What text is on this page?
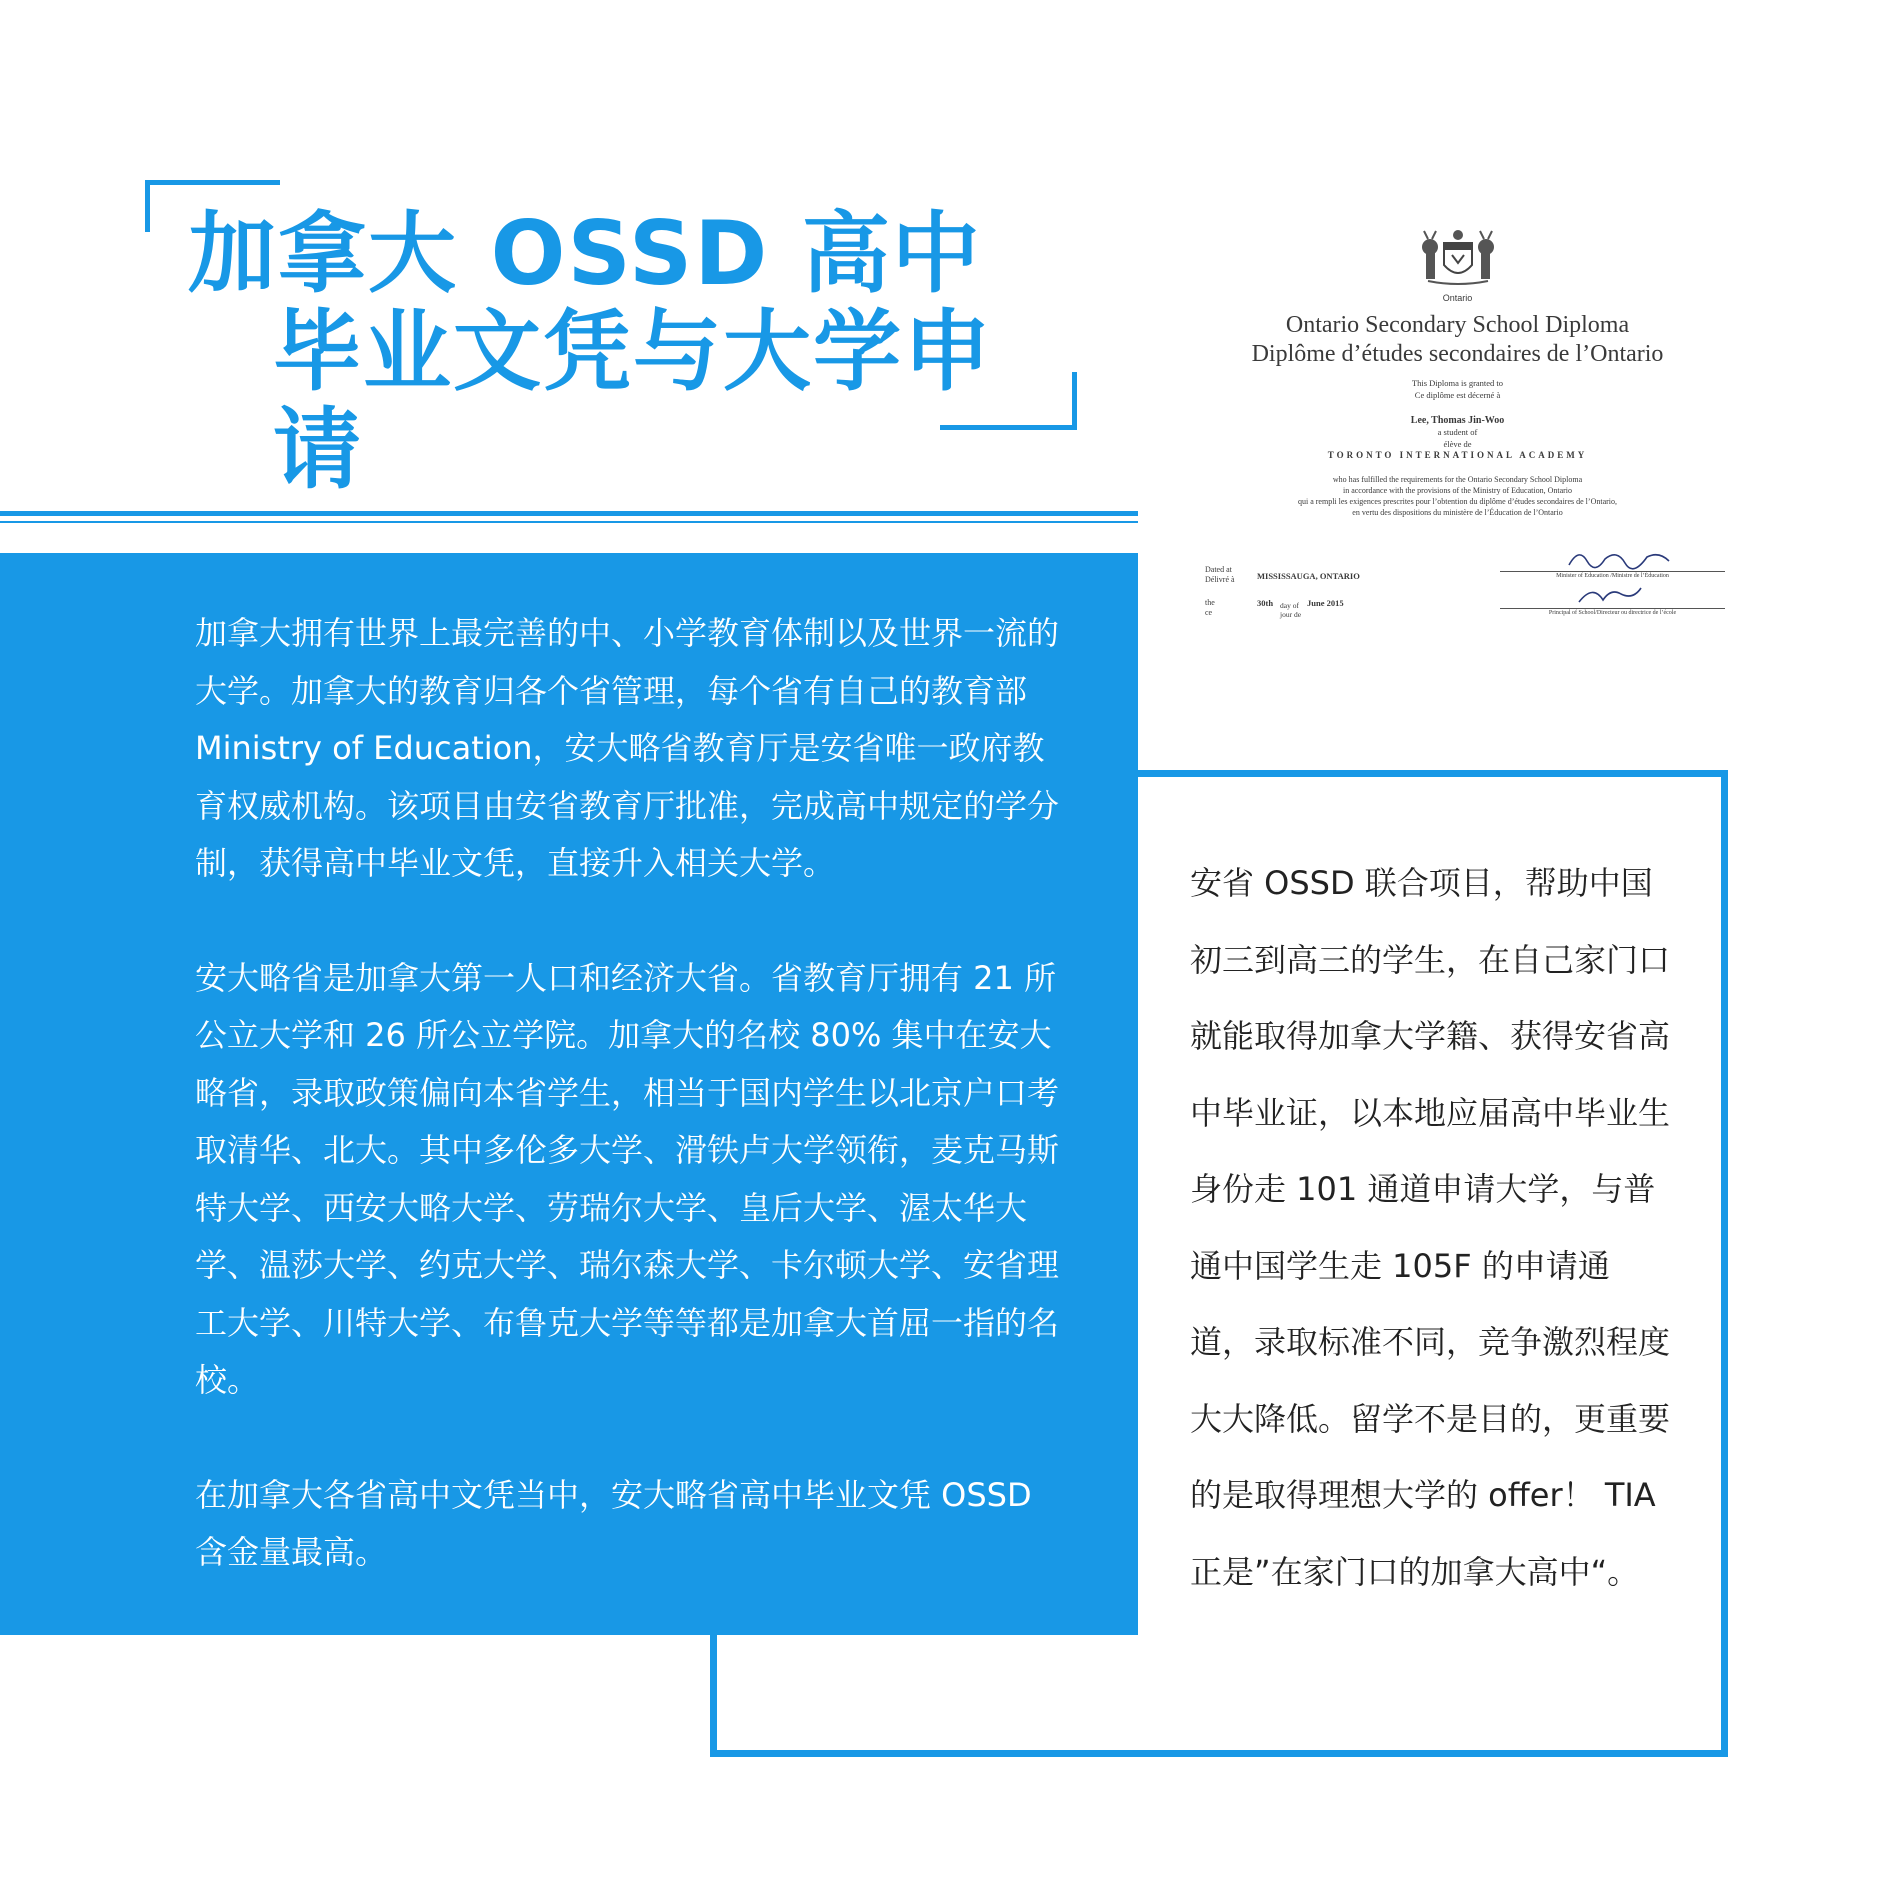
加拿大 OSSD 高中
毕业文凭与大学申请
Ontario
Ontario Secondary School Diploma
Diplôme d’études secondaires de l’Ontario
This Diploma is granted to
Ce diplôme est décerné à
Lee, Thomas Jin-Woo
a student of
élève de
TORONTO INTERNATIONAL ACADEMY
who has fulfilled the requirements for the Ontario Secondary School Diploma
in accordance with the provisions of the Ministry of Education, Ontario
qui a rempli les exigences prescrites pour l’obtention du diplôme d’études secondaires de l’Ontario,
en vertu des dispositions du ministère de l’Éducation de l’Ontario
Dated at
Délivré à	MISSISSAUGA, ONTARIO
the
ce
30th day of
jour de
June 2015
Minister of Education /Ministre de l’Éducation
Principal of School/Directeur ou directrice de l’école

加拿大拥有世界上最完善的中、小学教育体制以及世界一流的大学。加拿大的教育归各个省管理，每个省有自己的教育部 Ministry of Education，安大略省教育厅是安省唯一政府教育权威机构。该项目由安省教育厅批准，完成高中规定的学分制，获得高中毕业文凭，直接升入相关大学。

安大略省是加拿大第一人口和经济大省。省教育厅拥有 21 所公立大学和 26 所公立学院。加拿大的名校 80% 集中在安大略省，录取政策偏向本省学生，相当于国内学生以北京户口考取清华、北大。其中多伦多大学、滑铁卢大学领衔，麦克马斯特大学、西安大略大学、劳瑞尔大学、皇后大学、渥太华大学、温莎大学、约克大学、瑞尔森大学、卡尔顿大学、安省理工大学、川特大学、布鲁克大学等等都是加拿大首屈一指的名校。

在加拿大各省高中文凭当中，安大略省高中毕业文凭 OSSD 含金量最高。

安省 OSSD 联合项目，帮助中国初三到高三的学生，在自己家门口就能取得加拿大学籍、获得安省高中毕业证，以本地应届高中毕业生身份走 101 通道申请大学，与普通中国学生走 105F 的申请通道，录取标准不同，竞争激烈程度大大降低。留学不是目的，更重要的是取得理想大学的 offer！ TIA 正是”在家门口的加拿大高中“。
